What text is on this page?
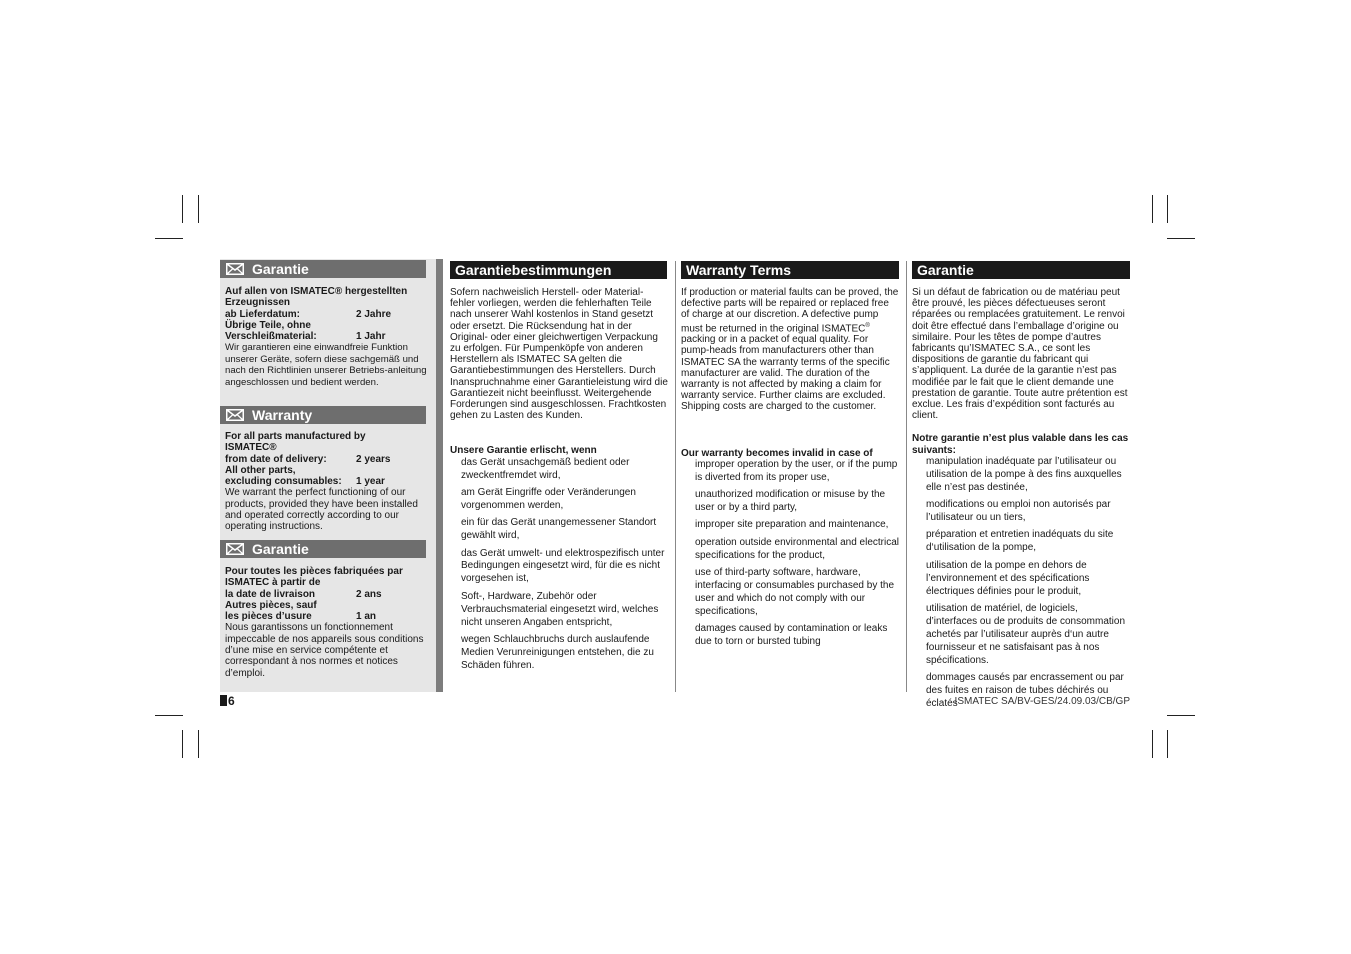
Garantie
Auf allen von ISMATEC® hergestellten
Erzeugnissen
ab Lieferdatum:	2 Jahre
Übrige Teile, ohne
Verschleißmaterial:	1 Jahr
Wir garantieren eine einwandfreie Funktion unserer Geräte, sofern diese sachgemäß und nach den Richtlinien unserer Betriebs-anleitung angeschlossen und bedient werden.
Warranty
For all parts manufactured by
ISMATEC®
from date of delivery:	2 years
All other parts,
excluding consumables: 1 year
We warrant the perfect functioning of our products, provided they have been installed and operated correctly according to our operating instructions.
Garantie
Pour toutes les pièces fabriquées par
ISMATEC à partir de
la date de livraison	2 ans
Autres pièces, sauf
les pièces d’usure	1 an
Nous garantissons un fonctionnement impeccable de nos appareils sous conditions d’une mise en service compétente et correspondant à nos normes et notices d’emploi.
Garantiebestimmungen

Sofern nachweislich Herstell- oder Material-fehler vorliegen, werden die fehlerhaften Teile nach unserer Wahl kostenlos in Stand gesetzt oder ersetzt. Die Rücksendung hat in der Original- oder einer gleichwertigen Verpackung zu erfolgen. Für Pumpenköpfe von anderen Herstellern als ISMATEC SA gelten die Garantiebestimmungen des Herstellers. Durch Inanspruchnahme einer Garantieleistung wird die Garantiezeit nicht beeinflusst. Weitergehende Forderungen sind ausgeschlossen. Frachtkosten gehen zu Lasten des Kunden.

Unsere Garantie erlischt, wenn

das Gerät unsachgemäß bedient oder zweckentfremdet wird,
am Gerät Eingriffe oder Veränderungen vorgenommen werden,
ein für das Gerät unangemessener Standort gewählt wird,
das Gerät umwelt- und elektrospezifisch unter Bedingungen eingesetzt wird, für die es nicht vorgesehen ist,
Soft-, Hardware, Zubehör oder Verbrauchsmaterial eingesetzt wird, welches nicht unseren Angaben entspricht,
wegen Schlauchbruchs durch auslaufende Medien Verunreinigungen entstehen, die zu Schäden führen.
Warranty Terms

If production or material faults can be proved, the defective parts will be repaired or replaced free of charge at our discretion. A defective pump must be returned in the original ISMATEC® packing or in a packet of equal quality. For pump-heads from manufacturers other than ISMATEC SA the warranty terms of the specific manufacturer are valid. The duration of the warranty is not affected by making a claim for warranty service. Further claims are excluded. Shipping costs are charged to the customer.

Our warranty becomes invalid in case of

improper operation by the user, or if the pump is diverted from its proper use,
unauthorized modification or misuse by the user or by a third party,
improper site preparation and maintenance,
operation outside environmental and electrical specifications for the product,
use of third-party software, hardware, interfacing or consumables purchased by the user and which do not comply with our specifications,
damages caused by contamination or leaks due to torn or bursted tubing
Garantie

Si un défaut de fabrication ou de matériau peut être prouvé, les pièces défectueuses seront réparées ou remplacées gratuitement. Le renvoi doit être effectué dans l’emballage d’origine ou similaire. Pour les têtes de pompe d’autres fabricants qu’ISMATEC S.A., ce sont les dispositions de garantie du fabricant qui s’appliquent. La durée de la garantie n’est pas modifiée par le fait que le client demande une prestation de garantie. Toute autre prétention est exclue. Les frais d’expédition sont facturés au client.

Notre garantie n’est plus valable dans les cas suivants:

manipulation inadéquate par l’utilisateur ou utilisation de la pompe à des fins auxquelles elle n’est pas destinée,
modifications ou emploi non autorisés par l’utilisateur ou un tiers,
préparation et entretien inadéquats du site d‘utilisation de la pompe,
utilisation de la pompe en dehors de l’environnement et des spécifications électriques définies pour le produit,
utilisation de matériel, de logiciels, d’interfaces ou de produits de consommation achetés par l’utilisateur auprès d‘un autre fournisseur et ne satisfaisant pas à nos spécifications.
dommages causés par encrassement ou par des fuites en raison de tubes déchirés ou éclatés
6	ISMATEC SA/BV-GES/24.09.03/CB/GP
